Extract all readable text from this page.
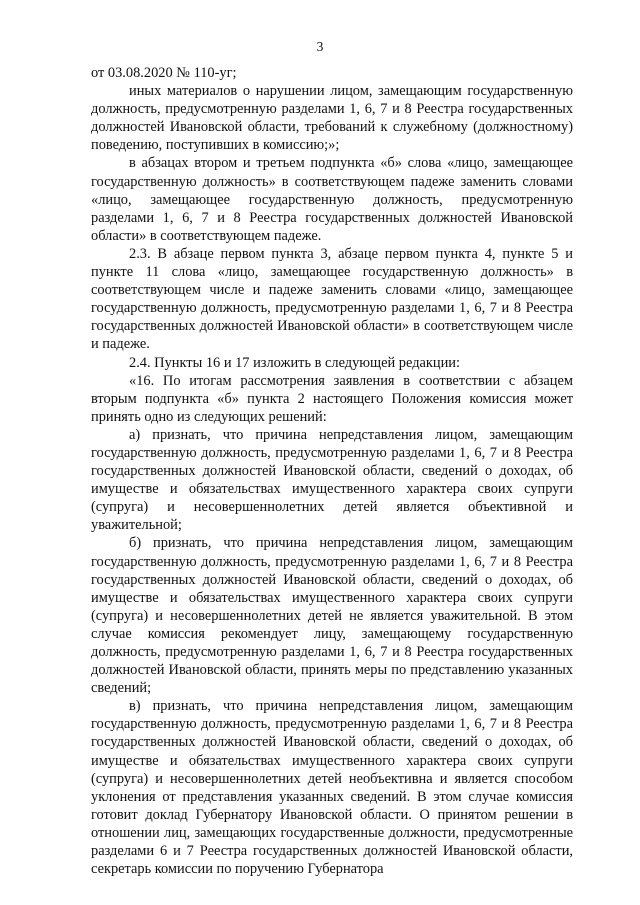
3

от 03.08.2020 № 110-уг;

иных материалов о нарушении лицом, замещающим государственную должность, предусмотренную разделами 1, 6, 7 и 8 Реестра государственных должностей Ивановской области, требований к служебному (должностному) поведению, поступивших в комиссию;»;

в абзацах втором и третьем подпункта «б» слова «лицо, замещающее государственную должность» в соответствующем падеже заменить словами «лицо, замещающее государственную должность, предусмотренную разделами 1, 6, 7 и 8 Реестра государственных должностей Ивановской области» в соответствующем падеже.

2.3. В абзаце первом пункта 3, абзаце первом пункта 4, пункте 5 и пункте 11 слова «лицо, замещающее государственную должность» в соответствующем числе и падеже заменить словами «лицо, замещающее государственную должность, предусмотренную разделами 1, 6, 7 и 8 Реестра государственных должностей Ивановской области» в соответствующем числе и падеже.

2.4. Пункты 16 и 17 изложить в следующей редакции:

«16. По итогам рассмотрения заявления в соответствии с абзацем вторым подпункта «б» пункта 2 настоящего Положения комиссия может принять одно из следующих решений:

а) признать, что причина непредставления лицом, замещающим государственную должность, предусмотренную разделами 1, 6, 7 и 8 Реестра государственных должностей Ивановской области, сведений о доходах, об имуществе и обязательствах имущественного характера своих супруги (супруга) и несовершеннолетних детей является объективной и уважительной;

б) признать, что причина непредставления лицом, замещающим государственную должность, предусмотренную разделами 1, 6, 7 и 8 Реестра государственных должностей Ивановской области, сведений о доходах, об имуществе и обязательствах имущественного характера своих супруги (супруга) и несовершеннолетних детей не является уважительной. В этом случае комиссия рекомендует лицу, замещающему государственную должность, предусмотренную разделами 1, 6, 7 и 8 Реестра государственных должностей Ивановской области, принять меры по представлению указанных сведений;

в) признать, что причина непредставления лицом, замещающим государственную должность, предусмотренную разделами 1, 6, 7 и 8 Реестра государственных должностей Ивановской области, сведений о доходах, об имуществе и обязательствах имущественного характера своих супруги (супруга) и несовершеннолетних детей необъективна и является способом уклонения от представления указанных сведений. В этом случае комиссия готовит доклад Губернатору Ивановской области. О принятом решении в отношении лиц, замещающих государственные должности, предусмотренные разделами 6 и 7 Реестра государственных должностей Ивановской области, секретарь комиссии по поручению Губернатора
